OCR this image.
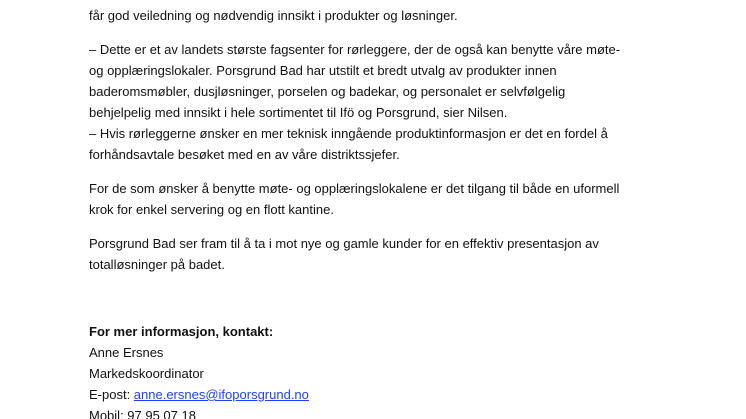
får god veiledning og nødvendig innsikt i produkter og løsninger.
– Dette er et av landets største fagsenter for rørleggere, der de også kan benytte våre møte-
og opplæringslokaler. Porsgrund Bad har utstilt et bredt utvalg av produkter innen
baderomsmøbler, dusjløsninger, porselen og badekar, og personalet er selvfølgelig
behjelpelig med innsikt i hele sortimentet til Ifö og Porsgrund, sier Nilsen.
– Hvis rørleggerne ønsker en mer teknisk inngående produktinformasjon er det en fordel å
forhåndsavtale besøket med en av våre distriktssjefer.
For de som ønsker å benytte møte- og opplæringslokalene er det tilgang til både en uformell
krok for enkel servering og en flott kantine.
Porsgrund Bad ser fram til å ta i mot nye og gamle kunder for en effektiv presentasjon av
totalløsninger på badet.
For mer informasjon, kontakt:
Anne Ersnes
Markedskoordinator
E-post: anne.ersnes@ifoporsgrund.no
Mobil: 97 95 07 18
